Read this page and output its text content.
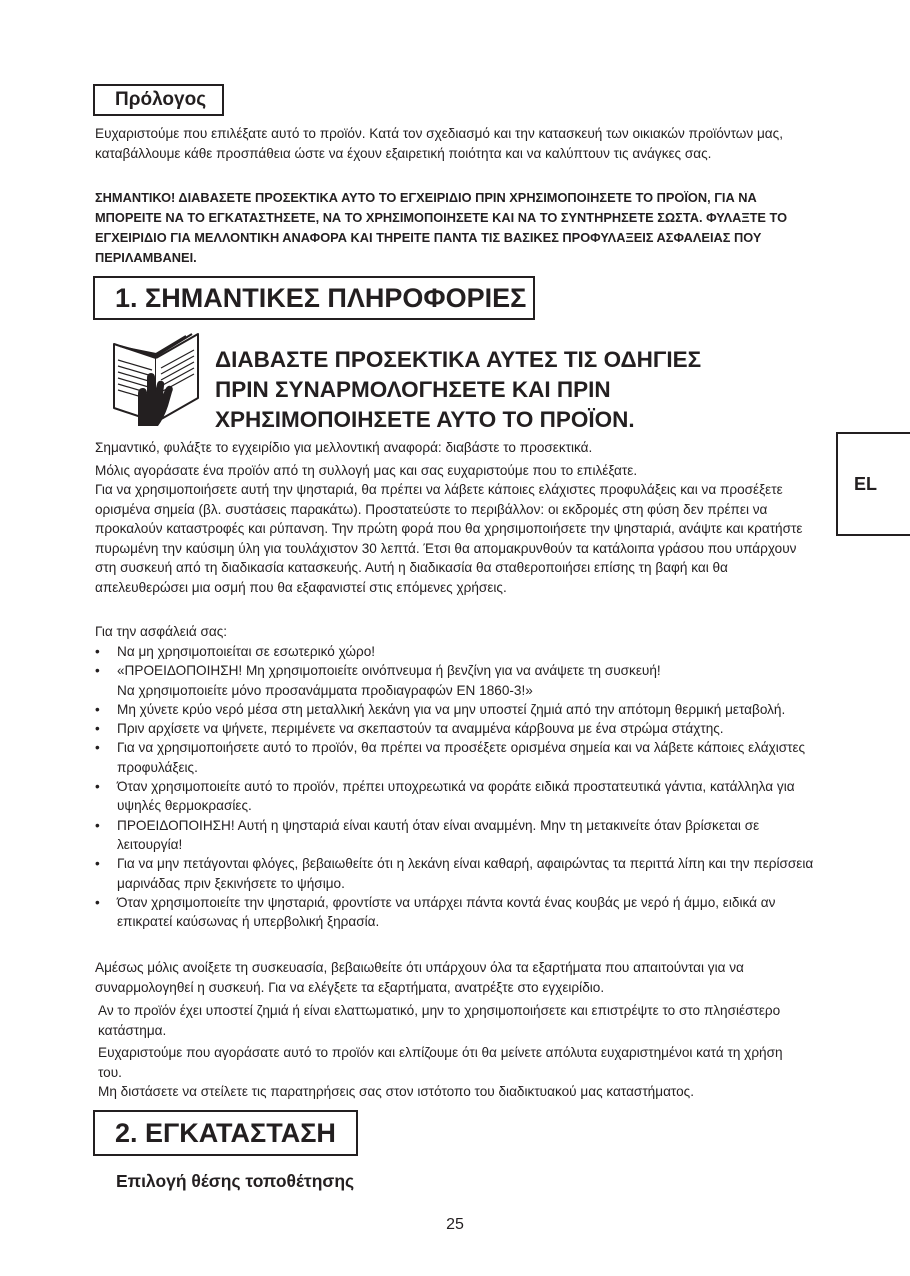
Πρόλογος

Ευχαριστούμε που επιλέξατε αυτό το προϊόν. Κατά τον σχεδιασμό και την κατασκευή των οικιακών προϊόντων μας, καταβάλλουμε κάθε προσπάθεια ώστε να έχουν εξαιρετική ποιότητα και να καλύπτουν τις ανάγκες σας.

ΣΗΜΑΝΤΙΚΟ! ΔΙΑΒΑΣΕΤΕ ΠΡΟΣΕΚΤΙΚΑ ΑΥΤΟ ΤΟ ΕΓΧΕΙΡΙΔΙΟ ΠΡΙΝ ΧΡΗΣΙΜΟΠΟΙΗΣΕΤΕ ΤΟ ΠΡΟΪΟΝ, ΓΙΑ ΝΑ ΜΠΟΡΕΙΤΕ ΝΑ ΤΟ ΕΓΚΑΤΑΣΤΗΣΕΤΕ, ΝΑ ΤΟ ΧΡΗΣΙΜΟΠΟΙΗΣΕΤΕ ΚΑΙ ΝΑ ΤΟ ΣΥΝΤΗΡΗΣΕΤΕ ΣΩΣΤΑ. ΦΥΛΑΞΤΕ ΤΟ ΕΓΧΕΙΡΙΔΙΟ ΓΙΑ ΜΕΛΛΟΝΤΙΚΗ ΑΝΑΦΟΡΑ ΚΑΙ ΤΗΡΕΙΤΕ ΠΑΝΤΑ ΤΙΣ ΒΑΣΙΚΕΣ ΠΡΟΦΥΛΑΞΕΙΣ ΑΣΦΑΛΕΙΑΣ ΠΟΥ ΠΕΡΙΛΑΜΒΑΝΕΙ.

1. ΣΗΜΑΝΤΙΚΕΣ ΠΛΗΡΟΦΟΡΙΕΣ
ΔΙΑΒΑΣΤΕ ΠΡΟΣΕΚΤΙΚΑ ΑΥΤΕΣ ΤΙΣ ΟΔΗΓΙΕΣ
ΠΡΙΝ ΣΥΝΑΡΜΟΛΟΓΗΣΕΤΕ ΚΑΙ ΠΡΙΝ
ΧΡΗΣΙΜΟΠΟΙΗΣΕΤΕ ΑΥΤΟ ΤΟ ΠΡΟΪΟΝ.
EL

Σημαντικό, φυλάξτε το εγχειρίδιο για μελλοντική αναφορά: διαβάστε το προσεκτικά.

Μόλις αγοράσατε ένα προϊόν από τη συλλογή μας και σας ευχαριστούμε που το επιλέξατε.

Για να χρησιμοποιήσετε αυτή την ψησταριά, θα πρέπει να λάβετε κάποιες ελάχιστες προφυλάξεις και να προσέξετε ορισμένα σημεία (βλ. συστάσεις παρακάτω). Προστατεύστε το περιβάλλον: οι εκδρομές στη φύση δεν πρέπει να προκαλούν καταστροφές και ρύπανση. Την πρώτη φορά που θα χρησιμοποιήσετε την ψησταριά, ανάψτε και κρατήστε πυρωμένη την καύσιμη ύλη για τουλάχιστον 30 λεπτά. Έτσι θα απομακρυνθούν τα κατάλοιπα γράσου που υπάρχουν στη συσκευή από τη διαδικασία κατασκευής. Αυτή η διαδικασία θα σταθεροποιήσει επίσης τη βαφή και θα απελευθερώσει μια οσμή που θα εξαφανιστεί στις επόμενες χρήσεις.

Για την ασφάλειά σας:

• Να μη χρησιμοποιείται σε εσωτερικό χώρο!
• «ΠΡΟΕΙΔΟΠΟΙΗΣΗ! Μη χρησιμοποιείτε οινόπνευμα ή βενζίνη για να ανάψετε τη συσκευή!
Να χρησιμοποιείτε μόνο προσανάμματα προδιαγραφών EN 1860-3!»
• Μη χύνετε κρύο νερό μέσα στη μεταλλική λεκάνη για να μην υποστεί ζημιά από την απότομη θερμική μεταβολή.
• Πριν αρχίσετε να ψήνετε, περιμένετε να σκεπαστούν τα αναμμένα κάρβουνα με ένα στρώμα στάχτης.
• Για να χρησιμοποιήσετε αυτό το προϊόν, θα πρέπει να προσέξετε ορισμένα σημεία και να λάβετε κάποιες ελάχιστες προφυλάξεις.
• Όταν χρησιμοποιείτε αυτό το προϊόν, πρέπει υποχρεωτικά να φοράτε ειδικά προστατευτικά γάντια, κατάλληλα για υψηλές θερμοκρασίες.
• ΠΡΟΕΙΔΟΠΟΙΗΣΗ! Αυτή η ψησταριά είναι καυτή όταν είναι αναμμένη. Μην τη μετακινείτε όταν βρίσκεται σε λειτουργία!
• Για να μην πετάγονται φλόγες, βεβαιωθείτε ότι η λεκάνη είναι καθαρή, αφαιρώντας τα περιττά λίπη και την περίσσεια μαρινάδας πριν ξεκινήσετε το ψήσιμο.
• Όταν χρησιμοποιείτε την ψησταριά, φροντίστε να υπάρχει πάντα κοντά ένας κουβάς με νερό ή άμμο, ειδικά αν επικρατεί καύσωνας ή υπερβολική ξηρασία.

Αμέσως μόλις ανοίξετε τη συσκευασία, βεβαιωθείτε ότι υπάρχουν όλα τα εξαρτήματα που απαιτούνται για να συναρμολογηθεί η συσκευή. Για να ελέγξετε τα εξαρτήματα, ανατρέξτε στο εγχειρίδιο.

Αν το προϊόν έχει υποστεί ζημιά ή είναι ελαττωματικό, μην το χρησιμοποιήσετε και επιστρέψτε το στο πλησιέστερο κατάστημα.

Ευχαριστούμε που αγοράσατε αυτό το προϊόν και ελπίζουμε ότι θα μείνετε απόλυτα ευχαριστημένοι κατά τη χρήση του.

Μη διστάσετε να στείλετε τις παρατηρήσεις σας στον ιστότοπο του διαδικτυακού μας καταστήματος.

2. ΕΓΚΑΤΑΣΤΑΣΗ
Επιλογή θέσης τοποθέτησης
25
